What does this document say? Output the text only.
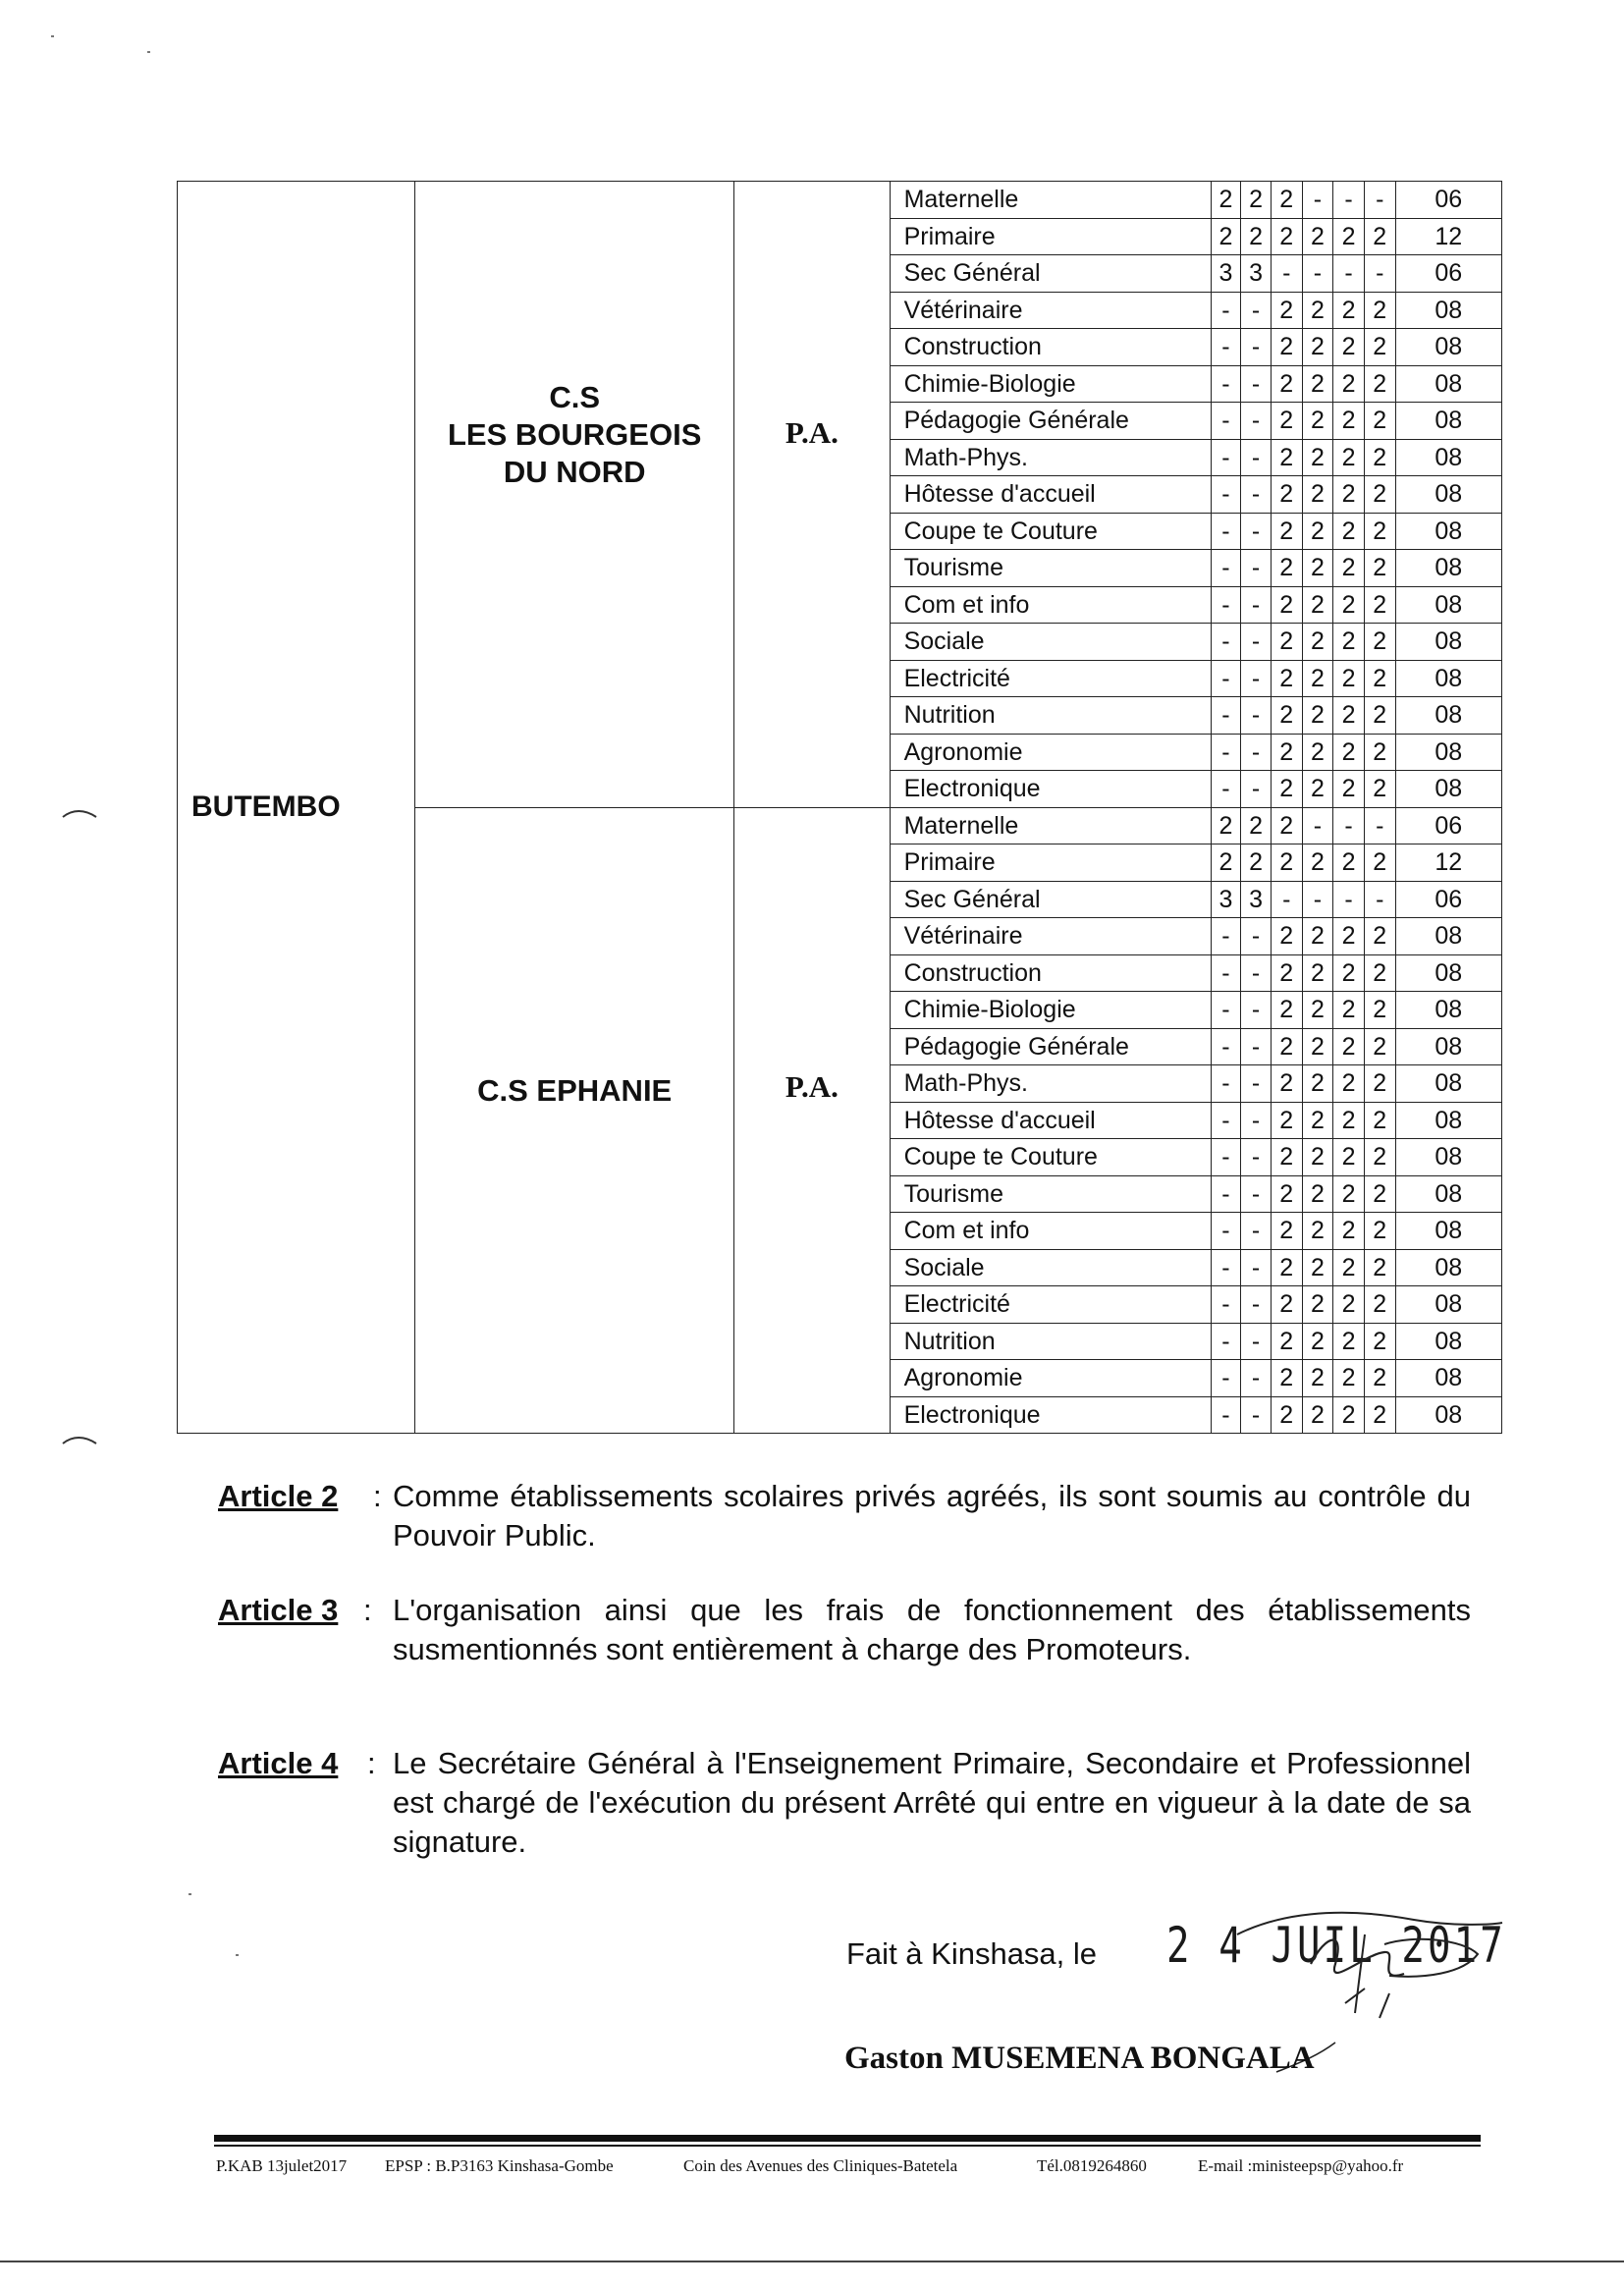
BUTEMBO	C.S
LES BOURGEOIS
DU NORD	P.A.	Maternelle	2	2	2	-	-	-	06
			Primaire	2	2	2	2	2	2	12
			Sec Général	3	3	-	-	-	-	06
			Vétérinaire	-	-	2	2	2	2	08
			Construction	-	-	2	2	2	2	08
			Chimie-Biologie	-	-	2	2	2	2	08
			Pédagogie Générale	-	-	2	2	2	2	08
			Math-Phys.	-	-	2	2	2	2	08
			Hôtesse d'accueil	-	-	2	2	2	2	08
			Coupe te Couture	-	-	2	2	2	2	08
			Tourisme	-	-	2	2	2	2	08
			Com et info	-	-	2	2	2	2	08
			Sociale	-	-	2	2	2	2	08
			Electricité	-	-	2	2	2	2	08
			Nutrition	-	-	2	2	2	2	08
			Agronomie	-	-	2	2	2	2	08
			Electronique	-	-	2	2	2	2	08

	C.S EPHANIE	P.A.	Maternelle	2	2	2	-	-	-	06
			Primaire	2	2	2	2	2	2	12
			Sec Général	3	3	-	-	-	-	06
			Vétérinaire	-	-	2	2	2	2	08
			Construction	-	-	2	2	2	2	08
			Chimie-Biologie	-	-	2	2	2	2	08
			Pédagogie Générale	-	-	2	2	2	2	08
			Math-Phys.	-	-	2	2	2	2	08
			Hôtesse d'accueil	-	-	2	2	2	2	08
			Coupe te Couture	-	-	2	2	2	2	08
			Tourisme	-	-	2	2	2	2	08
			Com et info	-	-	2	2	2	2	08
			Sociale	-	-	2	2	2	2	08
			Electricité	-	-	2	2	2	2	08
			Nutrition	-	-	2	2	2	2	08
			Agronomie	-	-	2	2	2	2	08
			Electronique	-	-	2	2	2	2	08
Article 2 : Comme établissements scolaires privés agréés, ils sont soumis au contrôle du Pouvoir Public.
Article 3 : L'organisation ainsi que les frais de fonctionnement des établissements susmentionnés sont entièrement à charge des Promoteurs.
Article 4 : Le Secrétaire Général à l'Enseignement Primaire, Secondaire et Professionnel est chargé de l'exécution du présent Arrêté qui entre en vigueur à la date de sa signature.
Fait à Kinshasa, le 2 4 JUIL 2017
Gaston MUSEMENA BONGALA
P.KAB 13julet2017 EPSP : B.P3163 Kinshasa-Gombe	Coin des Avenues des Cliniques-Batetela	Tél.0819264860	E-mail :ministeepsp@yahoo.fr
